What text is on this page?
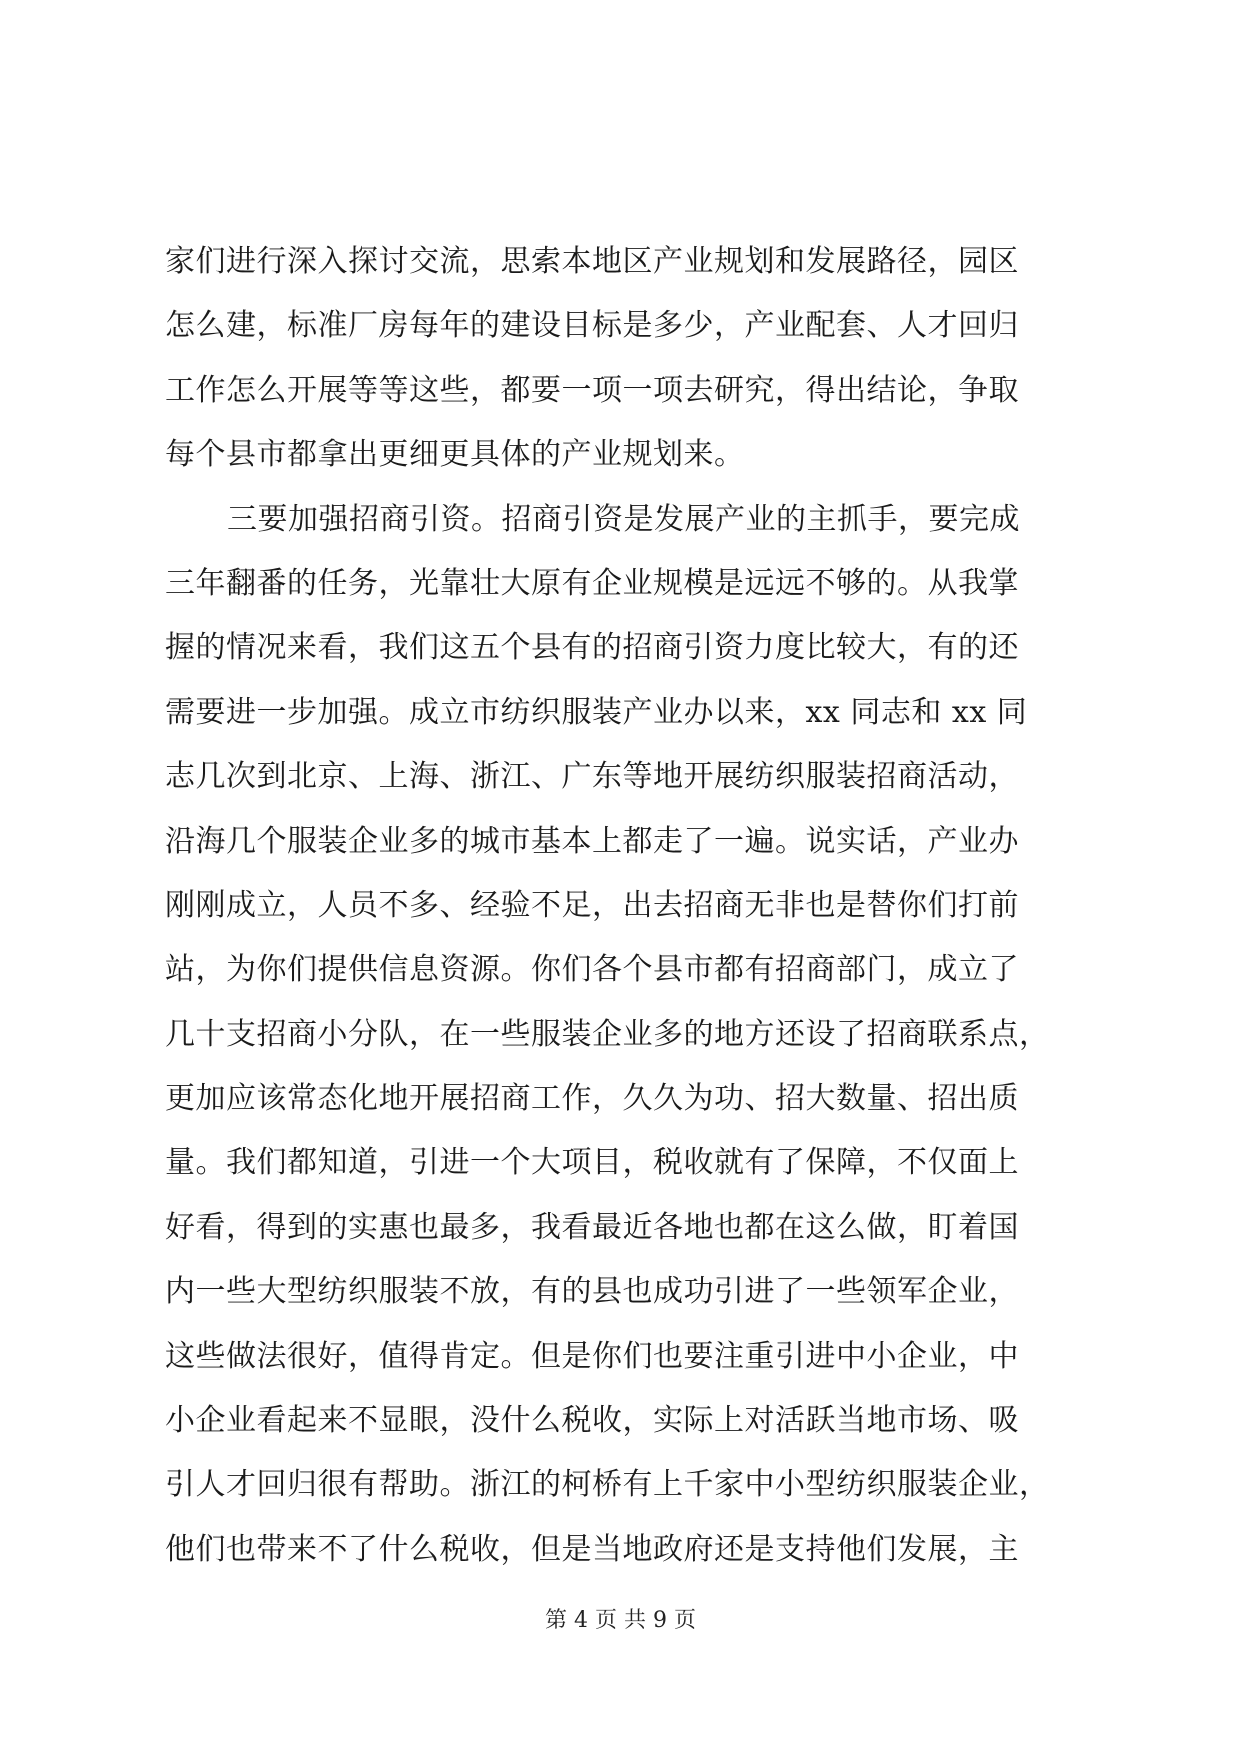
家们进行深入探讨交流，思索本地区产业规划和发展路径，园区
怎么建，标准厂房每年的建设目标是多少，产业配套、人才回归
工作怎么开展等等这些，都要一项一项去研究，得出结论，争取
每个县市都拿出更细更具体的产业规划来。
三要加强招商引资。招商引资是发展产业的主抓手，要完成
三年翻番的任务，光靠壮大原有企业规模是远远不够的。从我掌
握的情况来看，我们这五个县有的招商引资力度比较大，有的还
需要进一步加强。成立市纺织服装产业办以来，xx 同志和 xx 同
志几次到北京、上海、浙江、广东等地开展纺织服装招商活动，
沿海几个服装企业多的城市基本上都走了一遍。说实话，产业办
刚刚成立，人员不多、经验不足，出去招商无非也是替你们打前
站，为你们提供信息资源。你们各个县市都有招商部门，成立了
几十支招商小分队，在一些服装企业多的地方还设了招商联系点，
更加应该常态化地开展招商工作，久久为功、招大数量、招出质
量。我们都知道，引进一个大项目，税收就有了保障，不仅面上
好看，得到的实惠也最多，我看最近各地也都在这么做，盯着国
内一些大型纺织服装不放，有的县也成功引进了一些领军企业，
这些做法很好，值得肯定。但是你们也要注重引进中小企业，中
小企业看起来不显眼，没什么税收，实际上对活跃当地市场、吸
引人才回归很有帮助。浙江的柯桥有上千家中小型纺织服装企业，
他们也带来不了什么税收，但是当地政府还是支持他们发展，主
第 4 页 共 9 页
